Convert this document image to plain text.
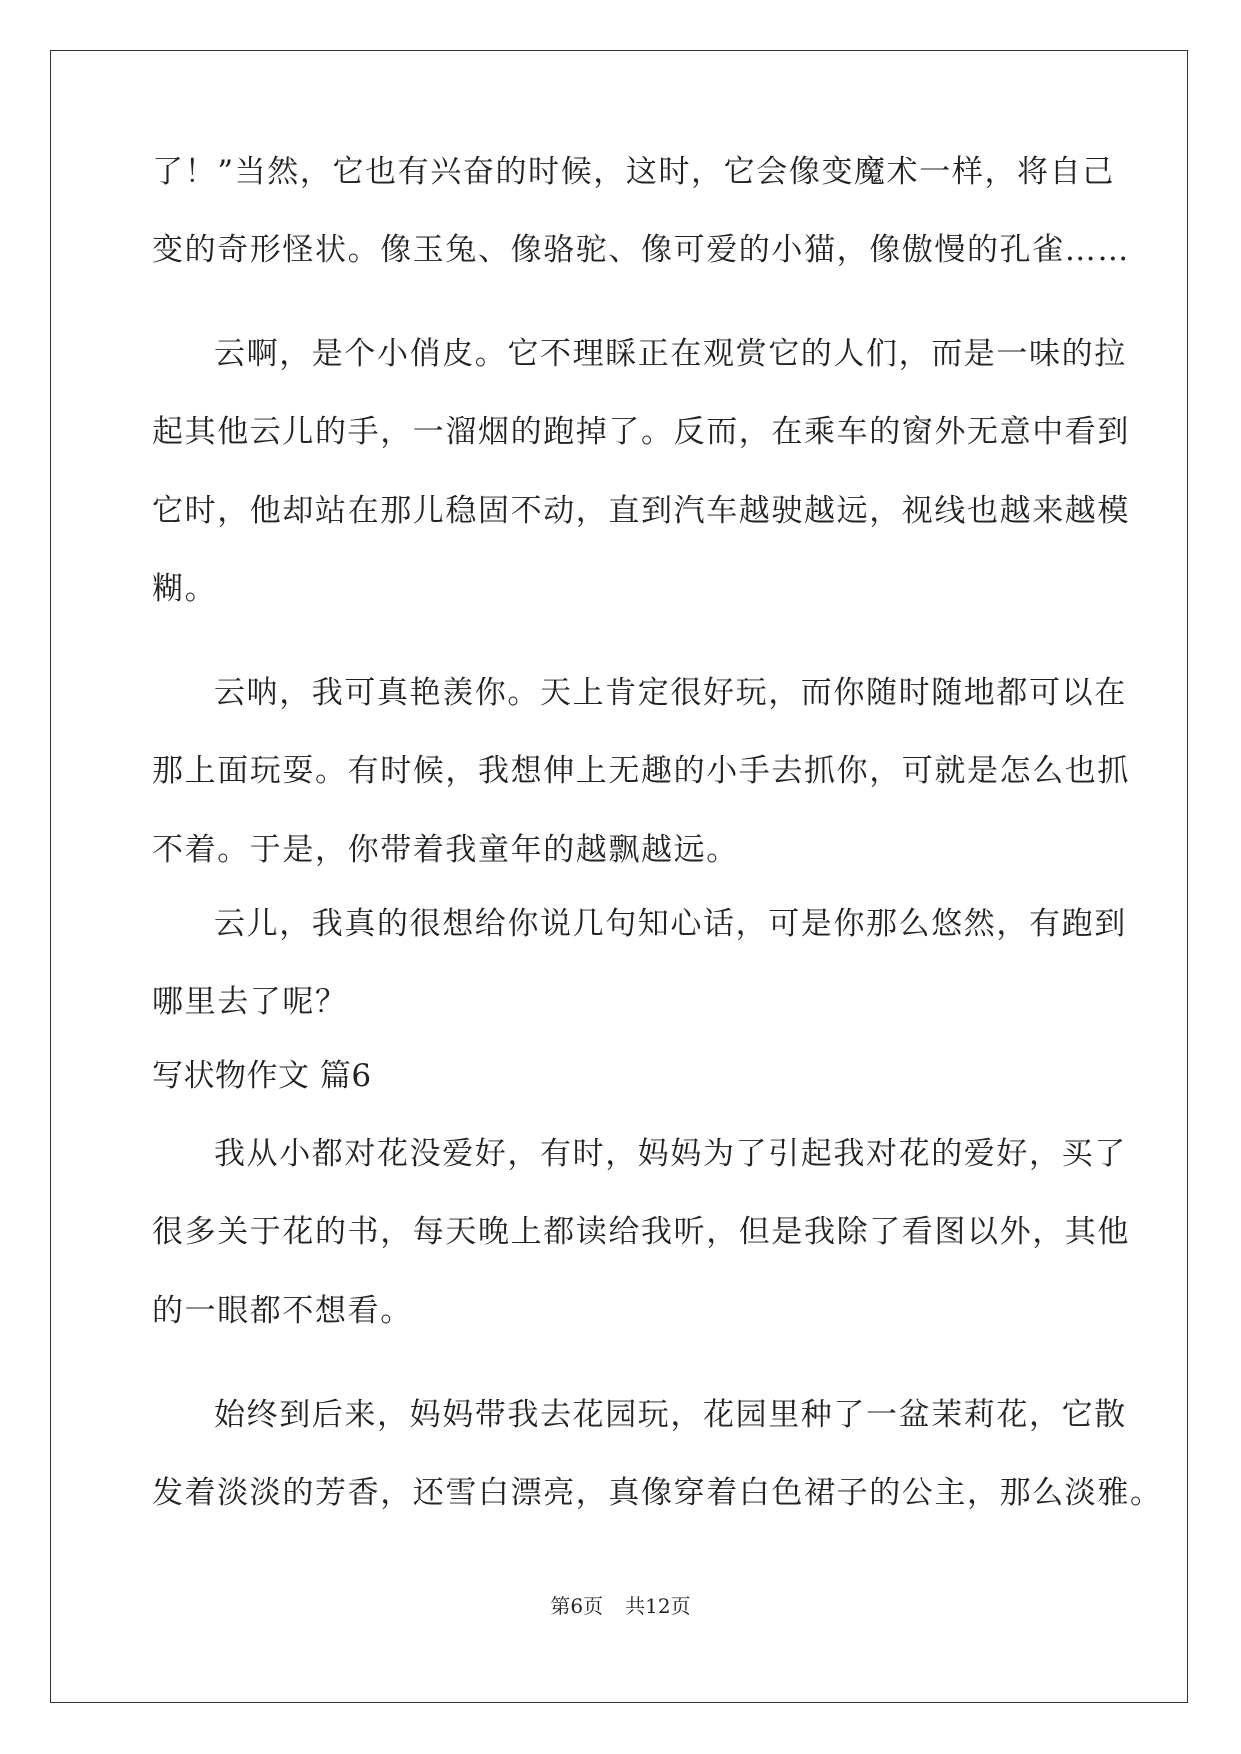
了！”当然，它也有兴奋的时候，这时，它会像变魔术一样，将自己
变的奇形怪状。像玉兔、像骆驼、像可爱的小猫，像傲慢的孔雀……
云啊，是个小俏皮。它不理睬正在观赏它的人们，而是一味的拉
起其他云儿的手，一溜烟的跑掉了。反而，在乘车的窗外无意中看到
它时，他却站在那儿稳固不动，直到汽车越驶越远，视线也越来越模
糊。
云呐，我可真艳羡你。天上肯定很好玩，而你随时随地都可以在
那上面玩耍。有时候，我想伸上无趣的小手去抓你，可就是怎么也抓
不着。于是，你带着我童年的越飘越远。
云儿，我真的很想给你说几句知心话，可是你那么悠然，有跑到
哪里去了呢？
写状物作文 篇6
我从小都对花没爱好，有时，妈妈为了引起我对花的爱好，买了
很多关于花的书，每天晚上都读给我听，但是我除了看图以外，其他
的一眼都不想看。
始终到后来，妈妈带我去花园玩，花园里种了一盆茉莉花，它散
发着淡淡的芳香，还雪白漂亮，真像穿着白色裙子的公主，那么淡雅。
第6页 共12页
